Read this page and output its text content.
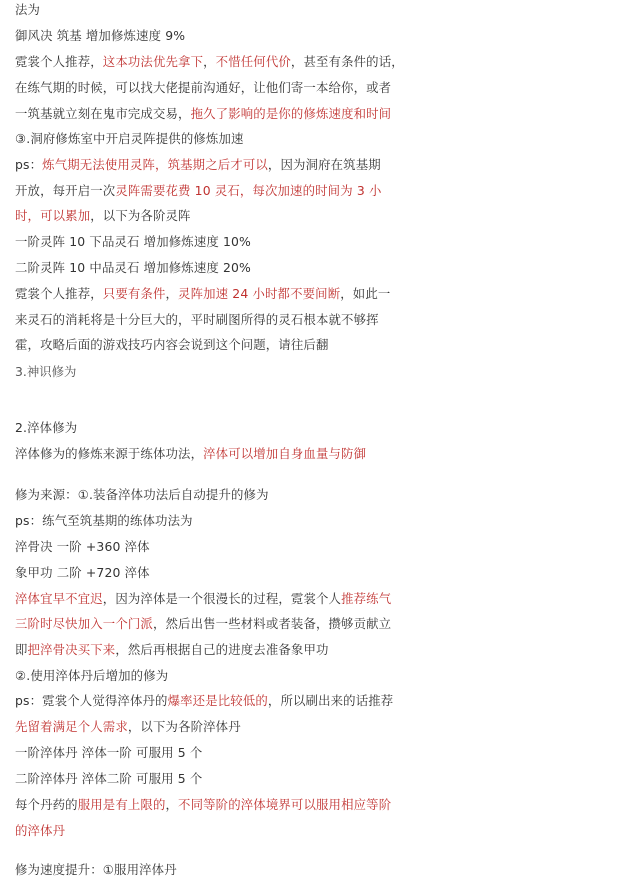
法为
御风决 筑基 增加修炼速度 9%
霓裳个人推荐，这本功法优先拿下，不惜任何代价，甚至有条件的话，
在练气期的时候，可以找大佬提前沟通好，让他们寄一本给你，或者
一筑基就立刻在鬼市完成交易，拖久了影响的是你的修炼速度和时间
③.洞府修炼室中开启灵阵提供的修炼加速
ps：炼气期无法使用灵阵，筑基期之后才可以，因为洞府在筑基期
开放，每开启一次灵阵需要花费 10 灵石，每次加速的时间为 3 小
时，可以累加，以下为各阶灵阵
一阶灵阵 10 下品灵石 增加修炼速度 10%
二阶灵阵 10 中品灵石 增加修炼速度 20%
霓裳个人推荐，只要有条件，灵阵加速 24 小时都不要间断，如此一
来灵石的消耗将是十分巨大的，平时刷图所得的灵石根本就不够挥
霍，攻略后面的游戏技巧内容会说到这个问题，请往后翻
2.淬体修为
淬体修为的修炼来源于练体功法，淬体可以增加自身血量与防御
修为来源：①.装备淬体功法后自动提升的修为
ps：练气至筑基期的练体功法为
淬骨决 一阶 +360 淬体
象甲功 二阶 +720 淬体
淬体宜早不宜迟，因为淬体是一个很漫长的过程，霓裳个人推荐练气
三阶时尽快加入一个门派，然后出售一些材料或者装备，攒够贡献立
即把淬骨决买下来，然后再根据自己的进度去准备象甲功
②.使用淬体丹后增加的修为
ps：霓裳个人觉得淬体丹的爆率还是比较低的，所以刷出来的话推荐
先留着满足个人需求，以下为各阶淬体丹
一阶淬体丹 淬体一阶 可服用 5 个
二阶淬体丹 淬体二阶 可服用 5 个
每个丹药的服用是有上限的，不同等阶的淬体境界可以服用相应等阶
的淬体丹
修为速度提升：①服用淬体丹
3.神识修为
